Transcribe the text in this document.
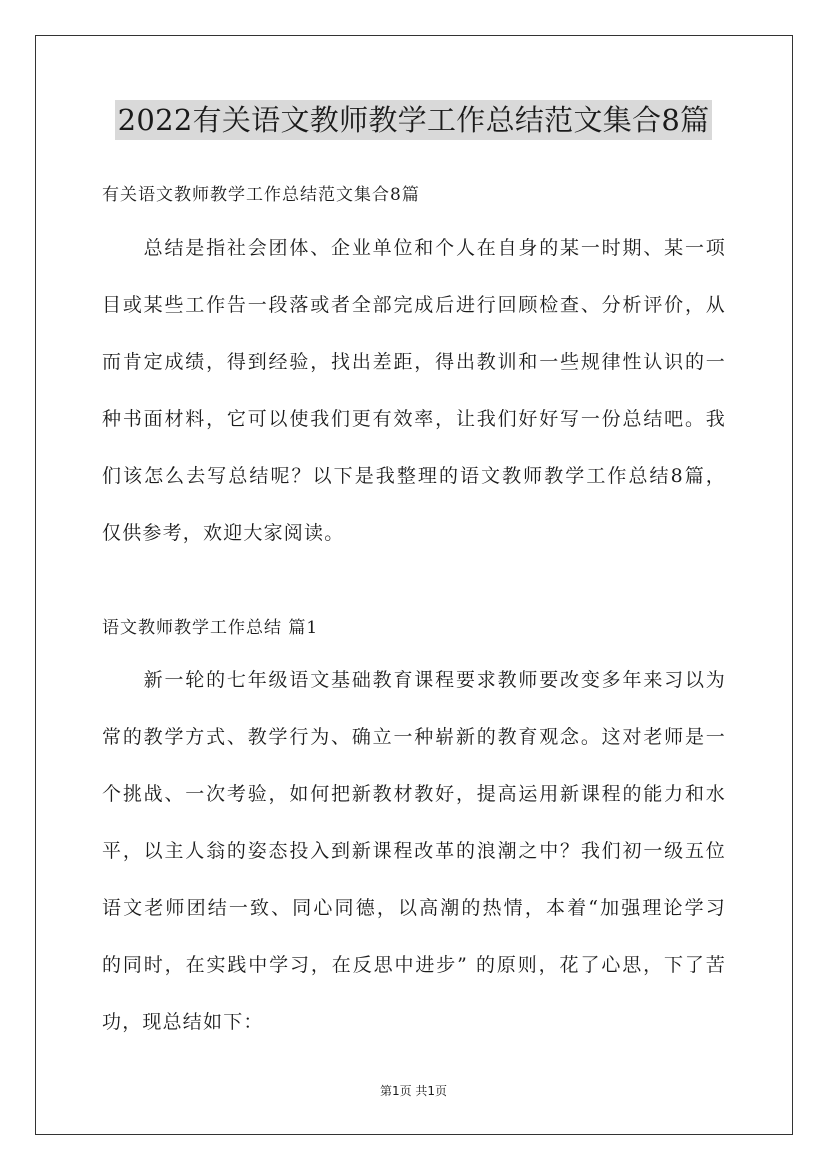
2022有关语文教师教学工作总结范文集合8篇
有关语文教师教学工作总结范文集合8篇
　　总结是指社会团体、企业单位和个人在自身的某一时期、某一项
目或某些工作告一段落或者全部完成后进行回顾检查、分析评价，从
而肯定成绩，得到经验，找出差距，得出教训和一些规律性认识的一
种书面材料，它可以使我们更有效率，让我们好好写一份总结吧。我
们该怎么去写总结呢？以下是我整理的语文教师教学工作总结8篇，
仅供参考，欢迎大家阅读。
语文教师教学工作总结 篇1
　　新一轮的七年级语文基础教育课程要求教师要改变多年来习以为
常的教学方式、教学行为、确立一种崭新的教育观念。这对老师是一
个挑战、一次考验，如何把新教材教好，提高运用新课程的能力和水
平，以主人翁的姿态投入到新课程改革的浪潮之中？我们初一级五位
语文老师团结一致、同心同德，以高潮的热情，本着“加强理论学习
的同时，在实践中学习，在反思中进步” 的原则，花了心思，下了苦
功，现总结如下：
第1页 共1页
